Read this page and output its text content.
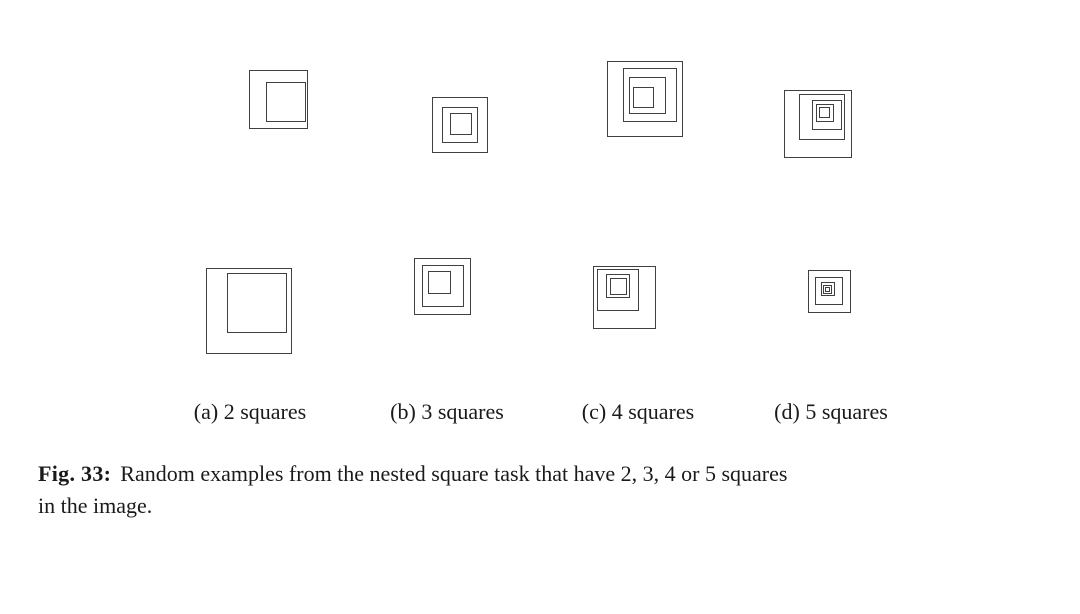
(a) 2 squares	(b) 3 squares	(c) 4 squares	(d) 5 squares

Fig. 33: Random examples from the nested square task that have 2, 3, 4 or 5 squares
in the image.
